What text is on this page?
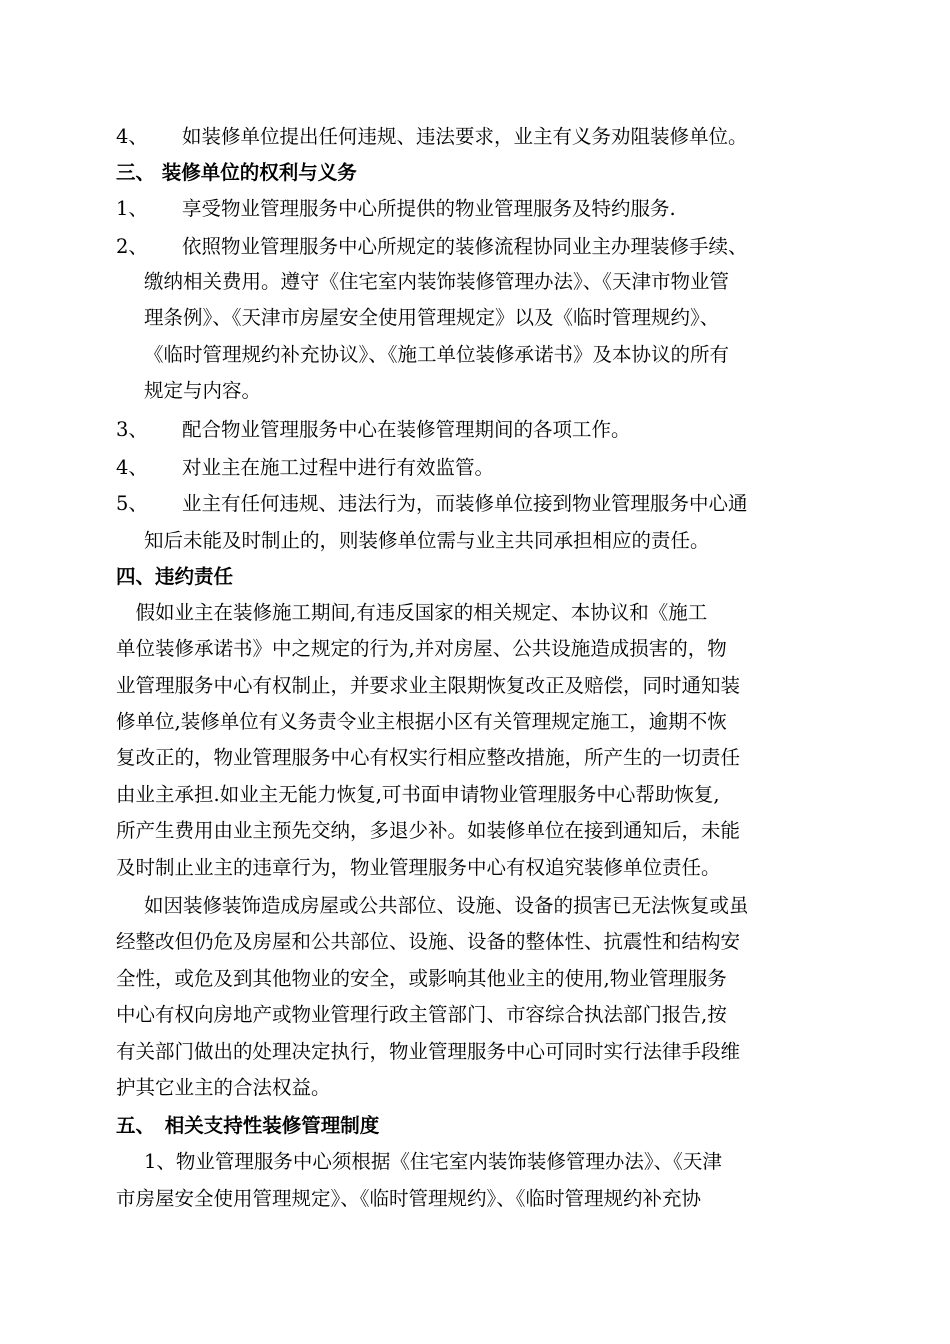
4、 如装修单位提出任何违规、违法要求，业主有义务劝阻装修单位。
三、 装修单位的权利与义务
1、 享受物业管理服务中心所提供的物业管理服务及特约服务.
2、 依照物业管理服务中心所规定的装修流程协同业主办理装修手续、
缴纳相关费用。遵守《住宅室内装饰装修管理办法》、《天津市物业管
理条例》、《天津市房屋安全使用管理规定》以及《临时管理规约》、
《临时管理规约补充协议》、《施工单位装修承诺书》及本协议的所有
规定与内容。
3、 配合物业管理服务中心在装修管理期间的各项工作。
4、 对业主在施工过程中进行有效监管。
5、 业主有任何违规、违法行为，而装修单位接到物业管理服务中心通
知后未能及时制止的，则装修单位需与业主共同承担相应的责任。
四、违约责任
　假如业主在装修施工期间,有违反国家的相关规定、本协议和《施工
单位装修承诺书》中之规定的行为,并对房屋、公共设施造成损害的，物
业管理服务中心有权制止，并要求业主限期恢复改正及赔偿，同时通知装
修单位,装修单位有义务责令业主根据小区有关管理规定施工，逾期不恢
复改正的，物业管理服务中心有权实行相应整改措施，所产生的一切责任
由业主承担.如业主无能力恢复,可书面申请物业管理服务中心帮助恢复,
所产生费用由业主预先交纳，多退少补。如装修单位在接到通知后，未能
及时制止业主的违章行为，物业管理服务中心有权追究装修单位责任。
如因装修装饰造成房屋或公共部位、设施、设备的损害已无法恢复或虽
经整改但仍危及房屋和公共部位、设施、设备的整体性、抗震性和结构安
全性，或危及到其他物业的安全，或影响其他业主的使用,物业管理服务
中心有权向房地产或物业管理行政主管部门、市容综合执法部门报告,按
有关部门做出的处理决定执行，物业管理服务中心可同时实行法律手段维
护其它业主的合法权益。
五、　相关支持性装修管理制度
1、物业管理服务中心须根据《住宅室内装饰装修管理办法》、《天津
市房屋安全使用管理规定》、《临时管理规约》、《临时管理规约补充协
